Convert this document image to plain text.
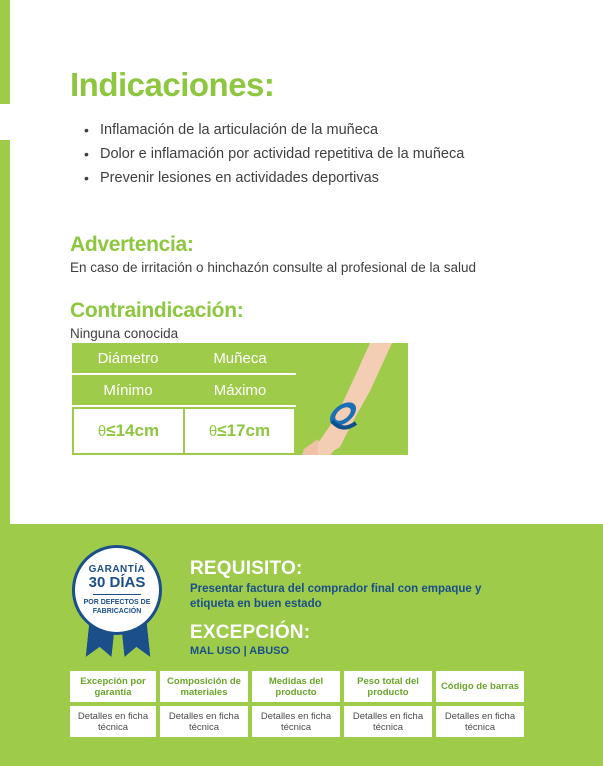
Indicaciones:
• Inflamación de la articulación de la muñeca
• Dolor e inflamación por actividad repetitiva de la muñeca
• Prevenir lesiones en actividades deportivas
Advertencia:

En caso de irritación o hinchazón consulte al profesional de la salud

Contraindicación:

Ninguna conocida

Diámetro
Mínimo
θ ≤14cm
Muñeca
Máximo
θ ≤17cm
GARANTÍA
30 DÍAS
POR DEFECTOS DE FABRICACIÓN
REQUISITO:
Presentar factura del comprador final con empaque y etiqueta en buen estado
EXCEPCIÓN:
MAL USO | ABUSO
Excepción por garantía
Detalles en ficha técnica
Composición de materiales
Detalles en ficha técnica
Medidas del producto
Detalles en ficha técnica
Peso total del producto
Detalles en ficha técnica
Código de barras
Detalles en ficha técnica
